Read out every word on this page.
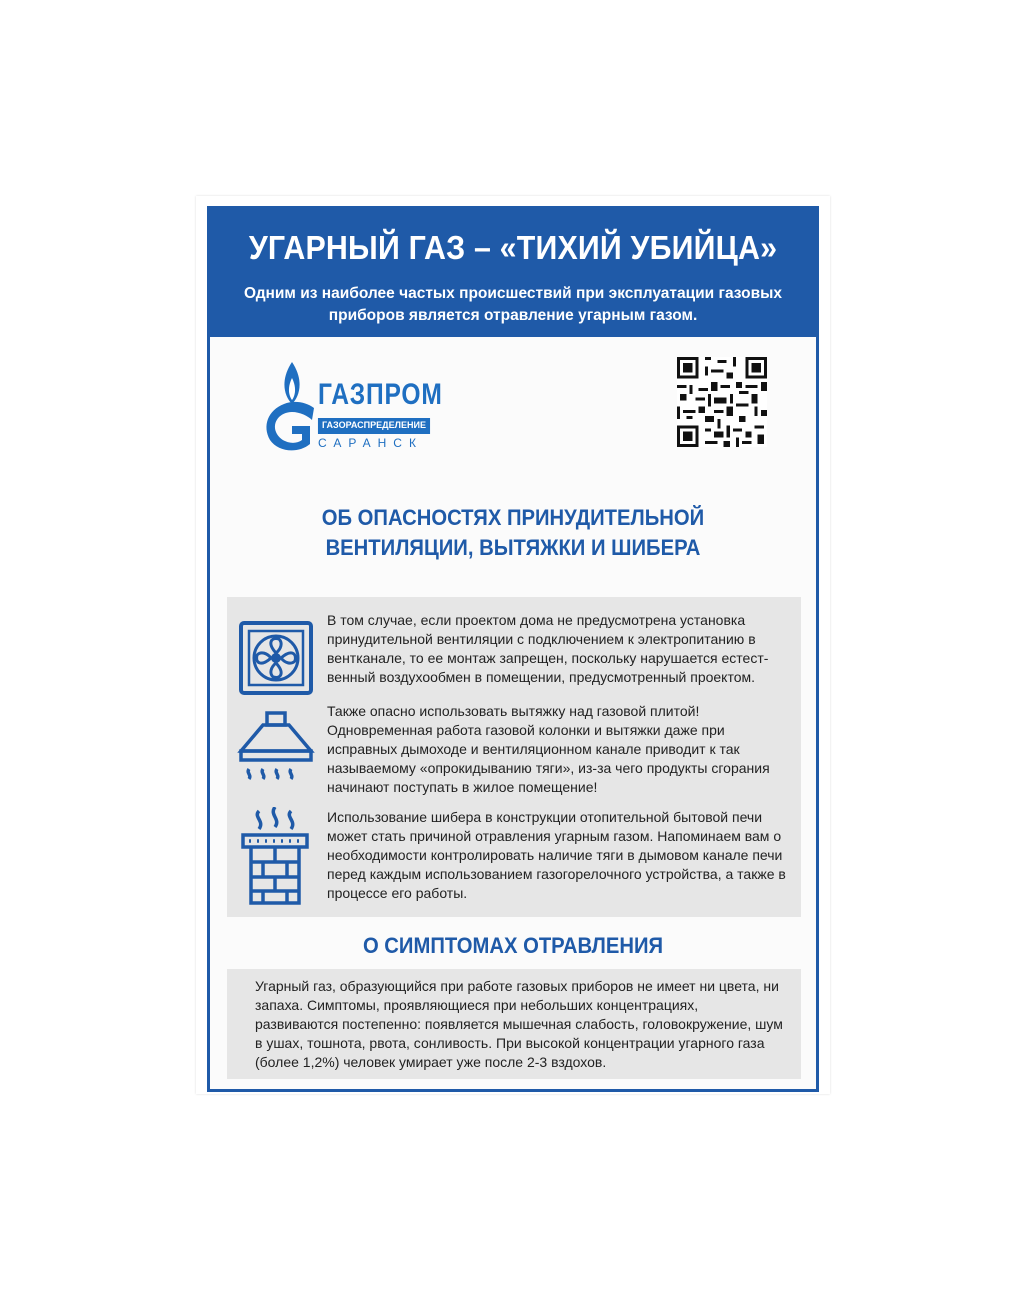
УГАРНЫЙ ГАЗ – «ТИХИЙ УБИЙЦА»

Одним из наиболее частых происшествий при эксплуатации газовых приборов является отравление угарным газом.

ГАЗПРОМ
ГАЗОРАСПРЕДЕЛЕНИЕ
САРАНСК
ОБ ОПАСНОСТЯХ ПРИНУДИТЕЛЬНОЙ ВЕНТИЛЯЦИИ, ВЫТЯЖКИ И ШИБЕРА

В том случае, если проектом дома не предусмотрена установка принудительной вентиляции с подключением к электропитанию в вентканале, то ее монтаж запрещен, поскольку нарушается естест-венный воздухообмен в помещении, предусмотренный проектом.

Также опасно использовать вытяжку над газовой плитой! Одновременная работа газовой колонки и вытяжки даже при исправных дымоходе и вентиляционном канале приводит к так называемому «опрокидыванию тяги», из-за чего продукты сгорания начинают поступать в жилое помещение!

Использование шибера в конструкции отопительной бытовой печи может стать причиной отравления угарным газом. Напоминаем вам о необходимости контролировать наличие тяги в дымовом канале печи перед каждым использованием газогорелочного устройства, а также в процессе его работы.

О СИМПТОМАХ ОТРАВЛЕНИЯ

Угарный газ, образующийся при работе газовых приборов не имеет ни цвета, ни запаха. Симптомы, проявляющиеся при небольших концентрациях, развиваются постепенно: появляется мышечная слабость, головокружение, шум в ушах, тошнота, рвота, сонливость. При высокой концентрации угарного газа (более 1,2%) человек умирает уже после 2-3 вздохов.
